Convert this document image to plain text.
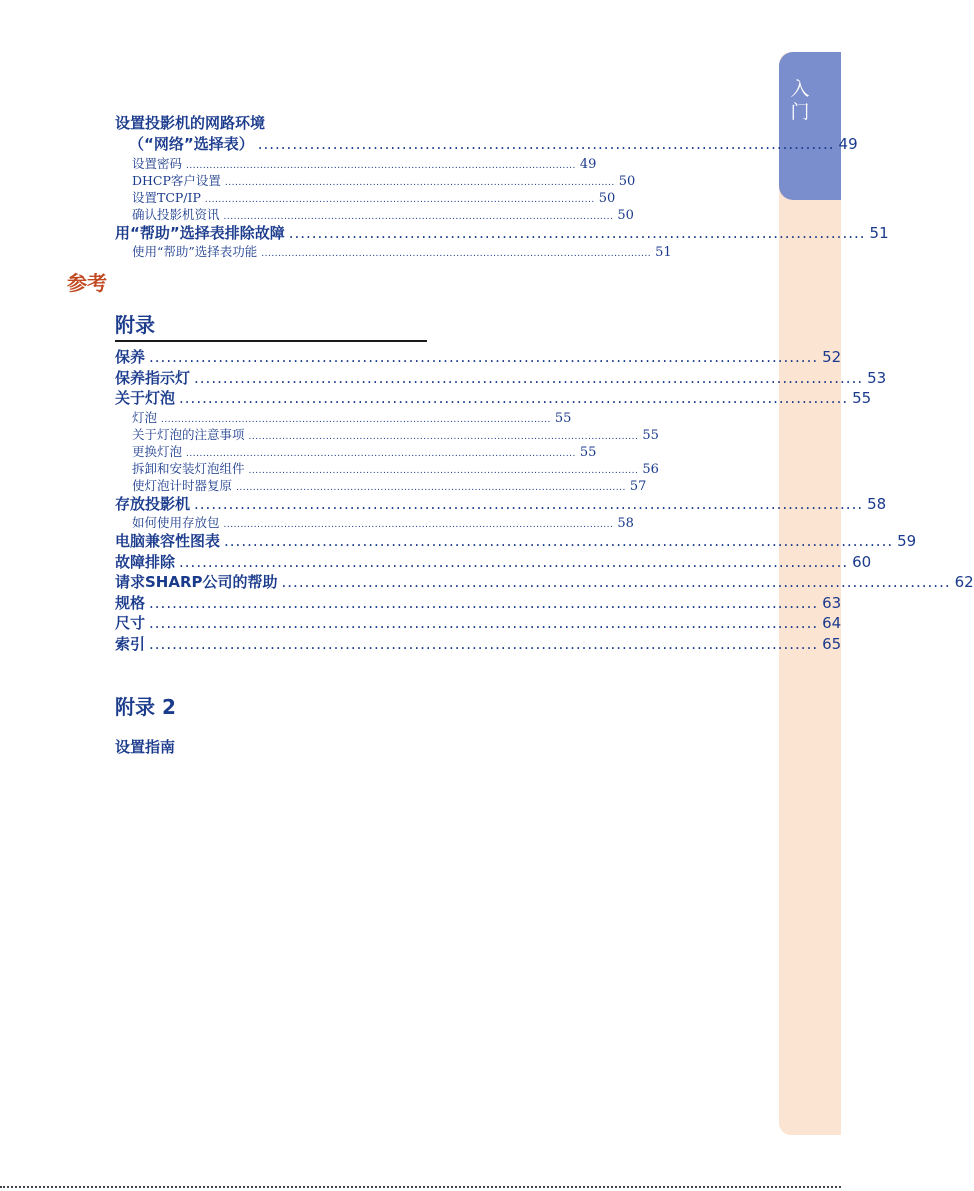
入
门
设置投影机的网路环境
（“网络”选择表） .................................................................................................... 49
设置密码 .................................................................................................................... 49
DHCP客户设置 .................................................................................................................... 50
设置TCP/IP .................................................................................................................... 50
确认投影机资讯 .................................................................................................................... 50
用“帮助”选择表排除故障 .................................................................................................... 51
使用“帮助”选择表功能 .................................................................................................................... 51
参考
附录
保养 .................................................................................................................... 52
保养指示灯 .................................................................................................................... 53
关于灯泡 .................................................................................................................... 55
灯泡 .................................................................................................................... 55
关于灯泡的注意事项 .................................................................................................................... 55
更换灯泡 .................................................................................................................... 55
拆卸和安装灯泡组件 .................................................................................................................... 56
使灯泡计时器复原 .................................................................................................................... 57
存放投影机 .................................................................................................................... 58
如何使用存放包 .................................................................................................................... 58
电脑兼容性图表 .................................................................................................................... 59
故障排除 .................................................................................................................... 60
请求SHARP公司的帮助 .................................................................................................................... 62
规格 .................................................................................................................... 63
尺寸 .................................................................................................................... 64
索引 .................................................................................................................... 65
附录 2
设置指南
